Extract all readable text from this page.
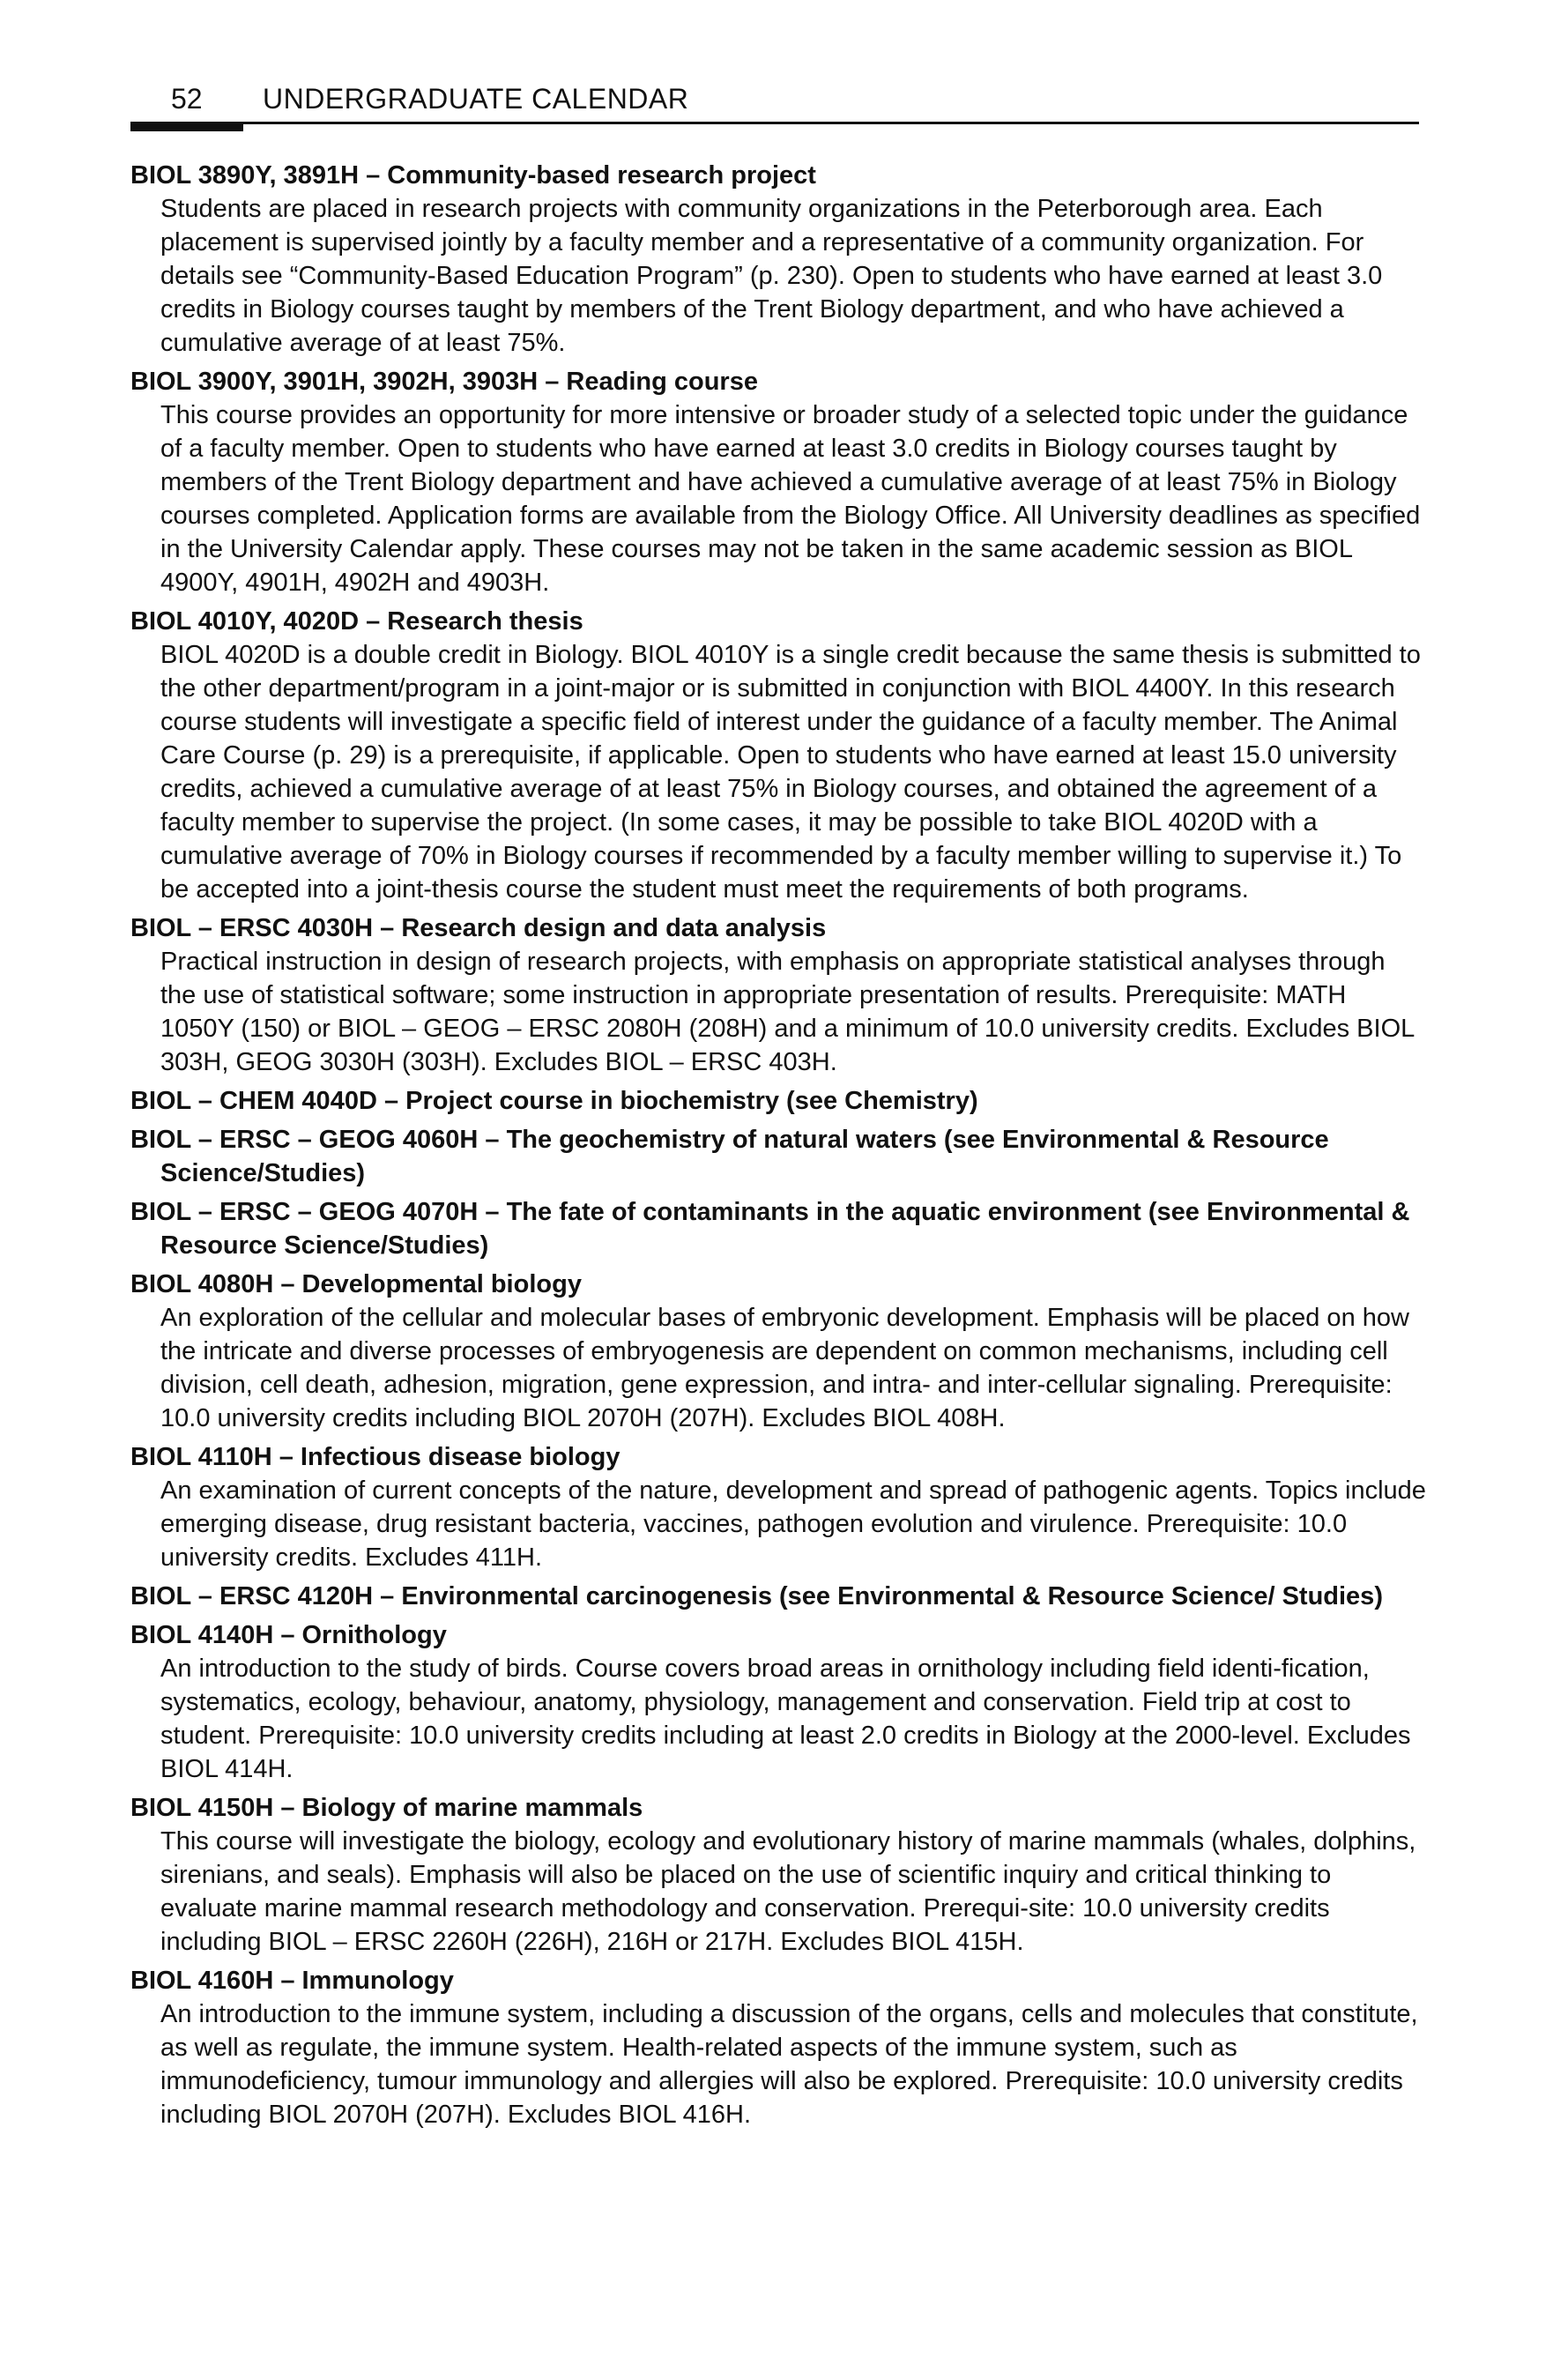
52 UNDERGRADUATE CALENDAR
BIOL 3890Y, 3891H – Community-based research project
Students are placed in research projects with community organizations in the Peterborough area. Each placement is supervised jointly by a faculty member and a representative of a community organization. For details see “Community-Based Education Program” (p. 230). Open to students who have earned at least 3.0 credits in Biology courses taught by members of the Trent Biology department, and who have achieved a cumulative average of at least 75%.
BIOL 3900Y, 3901H, 3902H, 3903H – Reading course
This course provides an opportunity for more intensive or broader study of a selected topic under the guidance of a faculty member. Open to students who have earned at least 3.0 credits in Biology courses taught by members of the Trent Biology department and have achieved a cumulative average of at least 75% in Biology courses completed. Application forms are available from the Biology Office. All University deadlines as specified in the University Calendar apply. These courses may not be taken in the same academic session as BIOL 4900Y, 4901H, 4902H and 4903H.
BIOL 4010Y, 4020D – Research thesis
BIOL 4020D is a double credit in Biology. BIOL 4010Y is a single credit because the same thesis is submitted to the other department/program in a joint-major or is submitted in conjunction with BIOL 4400Y. In this research course students will investigate a specific field of interest under the guidance of a faculty member. The Animal Care Course (p. 29) is a prerequisite, if applicable. Open to students who have earned at least 15.0 university credits, achieved a cumulative average of at least 75% in Biology courses, and obtained the agreement of a faculty member to supervise the project. (In some cases, it may be possible to take BIOL 4020D with a cumulative average of 70% in Biology courses if recommended by a faculty member willing to supervise it.) To be accepted into a joint-thesis course the student must meet the requirements of both programs.
BIOL – ERSC 4030H – Research design and data analysis
Practical instruction in design of research projects, with emphasis on appropriate statistical analyses through the use of statistical software; some instruction in appropriate presentation of results. Prerequisite: MATH 1050Y (150) or BIOL – GEOG – ERSC 2080H (208H) and a minimum of 10.0 university credits. Excludes BIOL 303H, GEOG 3030H (303H). Excludes BIOL – ERSC 403H.
BIOL – CHEM 4040D – Project course in biochemistry (see Chemistry)
BIOL – ERSC – GEOG 4060H – The geochemistry of natural waters (see Environmental & Resource Science/Studies)
BIOL – ERSC – GEOG 4070H – The fate of contaminants in the aquatic environment (see Environmental & Resource Science/Studies)
BIOL 4080H – Developmental biology
An exploration of the cellular and molecular bases of embryonic development. Emphasis will be placed on how the intricate and diverse processes of embryogenesis are dependent on common mechanisms, including cell division, cell death, adhesion, migration, gene expression, and intra- and inter-cellular signaling. Prerequisite: 10.0 university credits including BIOL 2070H (207H). Excludes BIOL 408H.
BIOL 4110H – Infectious disease biology
An examination of current concepts of the nature, development and spread of pathogenic agents. Topics include emerging disease, drug resistant bacteria, vaccines, pathogen evolution and virulence. Prerequisite: 10.0 university credits. Excludes 411H.
BIOL – ERSC 4120H – Environmental carcinogenesis (see Environmental & Resource Science/ Studies)
BIOL 4140H – Ornithology
An introduction to the study of birds. Course covers broad areas in ornithology including field identi-fication, systematics, ecology, behaviour, anatomy, physiology, management and conservation. Field trip at cost to student. Prerequisite: 10.0 university credits including at least 2.0 credits in Biology at the 2000-level. Excludes BIOL 414H.
BIOL 4150H – Biology of marine mammals
This course will investigate the biology, ecology and evolutionary history of marine mammals (whales, dolphins, sirenians, and seals). Emphasis will also be placed on the use of scientific inquiry and critical thinking to evaluate marine mammal research methodology and conservation. Prerequi-site: 10.0 university credits including BIOL – ERSC 2260H (226H), 216H or 217H. Excludes BIOL 415H.
BIOL 4160H – Immunology
An introduction to the immune system, including a discussion of the organs, cells and molecules that constitute, as well as regulate, the immune system. Health-related aspects of the immune system, such as immunodeficiency, tumour immunology and allergies will also be explored. Prerequisite: 10.0 university credits including BIOL 2070H (207H). Excludes BIOL 416H.
